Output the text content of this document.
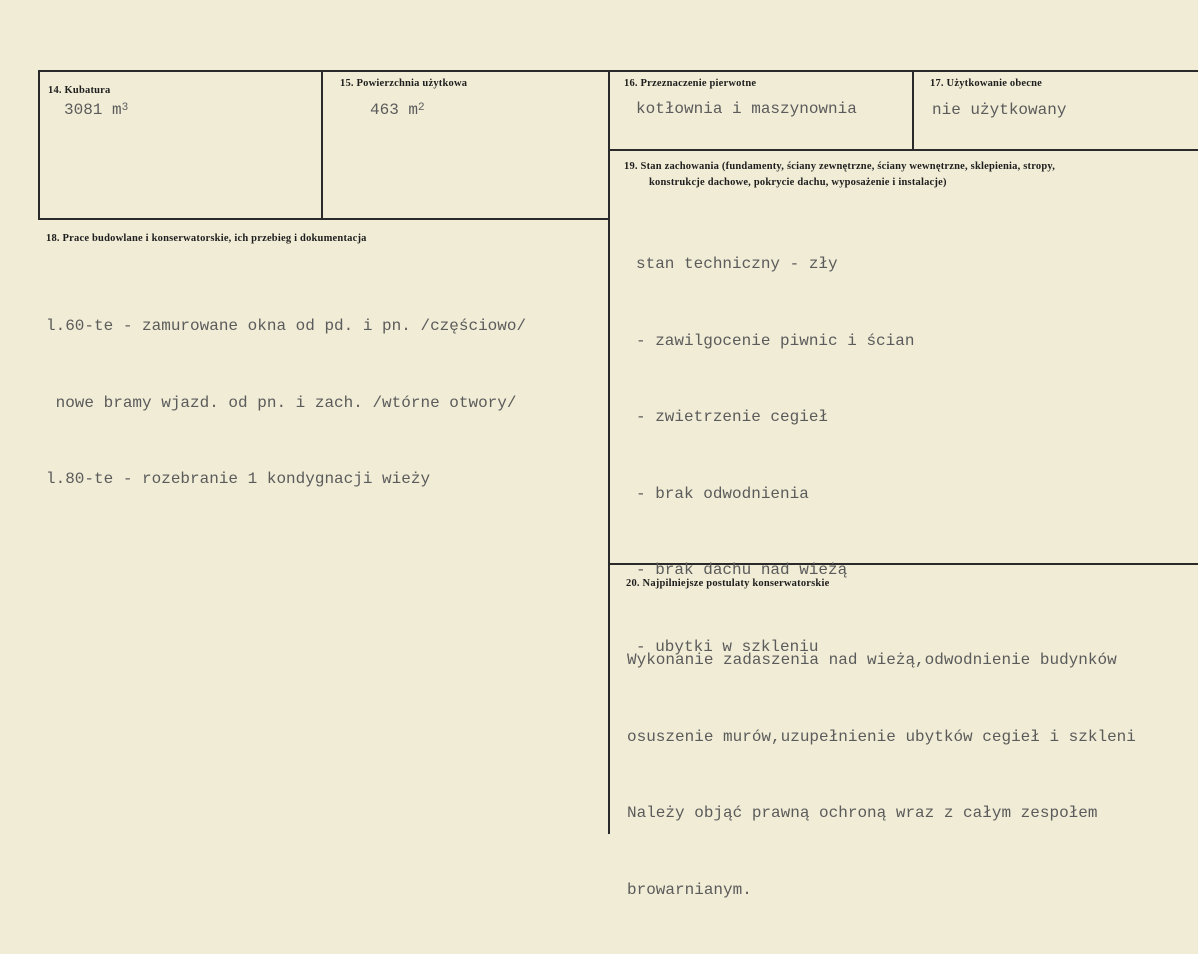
14. Kubatura
3081 $m^3$
15. Powierzchnia użytkowa
463 $m^2$
16. Przeznaczenie pierwotne
kotłownia i maszynownia
17. Użytkowanie obecne
nie użytkowany
18. Prace budowlane i konserwatorskie, ich przebieg i dokumentacja

l.60-te - zamurowane okna od pd. i pn. /częściowo/

nowe bramy wjazd. od pn. i zach. /wtórne otwory/

l.80-te - rozebranie 1 kondygnacji wieży

19. Stan zachowania (fundamenty, ściany zewnętrzne, ściany wewnętrzne, sklepienia, stropy,
konstrukcje dachowe, pokrycie dachu, wyposażenie i instalacje)

stan techniczny - zły

- zawilgocenie piwnic i ścian

- zwietrzenie cegieł

- brak odwodnienia

- brak dachu nad wieżą

- ubytki w szkleniu

20. Najpilniejsze postulaty konserwatorskie

Wykonanie zadaszenia nad wieżą,odwodnienie budynków

osuszenie murów,uzupełnienie ubytków cegieł i szkleni

Należy objąć prawną ochroną wraz z całym zespołem

browarnianym.
